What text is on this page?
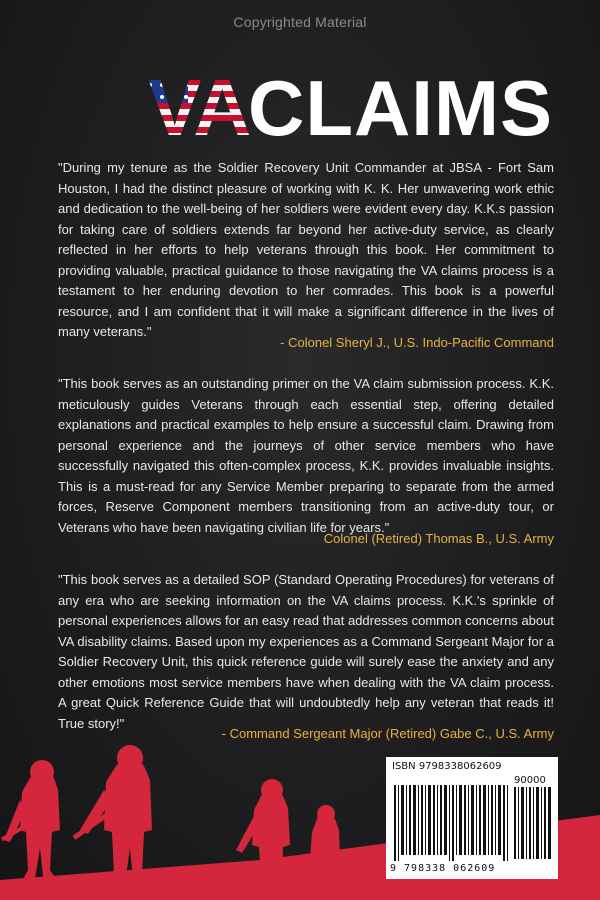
Copyrighted Material
CLAIMS
VA
"During my tenure as the Soldier Recovery Unit Commander at JBSA - Fort Sam Houston, I had the distinct pleasure of working with K. K. Her unwavering work ethic and dedication to the well-being of her soldiers were evident every day. K.K.s passion for taking care of soldiers extends far beyond her active-duty service, as clearly reflected in her efforts to help veterans through this book. Her commitment to providing valuable, practical guidance to those navigating the VA claims process is a testament to her enduring devotion to her comrades. This book is a powerful resource, and I am confident that it will make a significant difference in the lives of many veterans."
- Colonel Sheryl J., U.S. Indo-Pacific Command
"This book serves as an outstanding primer on the VA claim submission process. K.K. meticulously guides Veterans through each essential step, offering detailed explanations and practical examples to help ensure a successful claim. Drawing from personal experience and the journeys of other service members who have successfully navigated this often-complex process, K.K. provides invaluable insights. This is a must-read for any Service Member preparing to separate from the armed forces, Reserve Component members transitioning from an active-duty tour, or Veterans who have been navigating civilian life for years."
Colonel (Retired) Thomas B., U.S. Army
"This book serves as a detailed SOP (Standard Operating Procedures) for veterans of any era who are seeking information on the VA claims process. K.K.'s sprinkle of personal experiences allows for an easy read that addresses common concerns about VA disability claims. Based upon my experiences as a Command Sergeant Major for a Soldier Recovery Unit, this quick reference guide will surely ease the anxiety and any other emotions most service members have when dealing with the VA claim process. A great Quick Reference Guide that will undoubtedly help any veteran that reads it! True story!"
- Command Sergeant Major (Retired) Gabe C., U.S. Army
ISBN 9798338062609
90000
9 798338 062609
